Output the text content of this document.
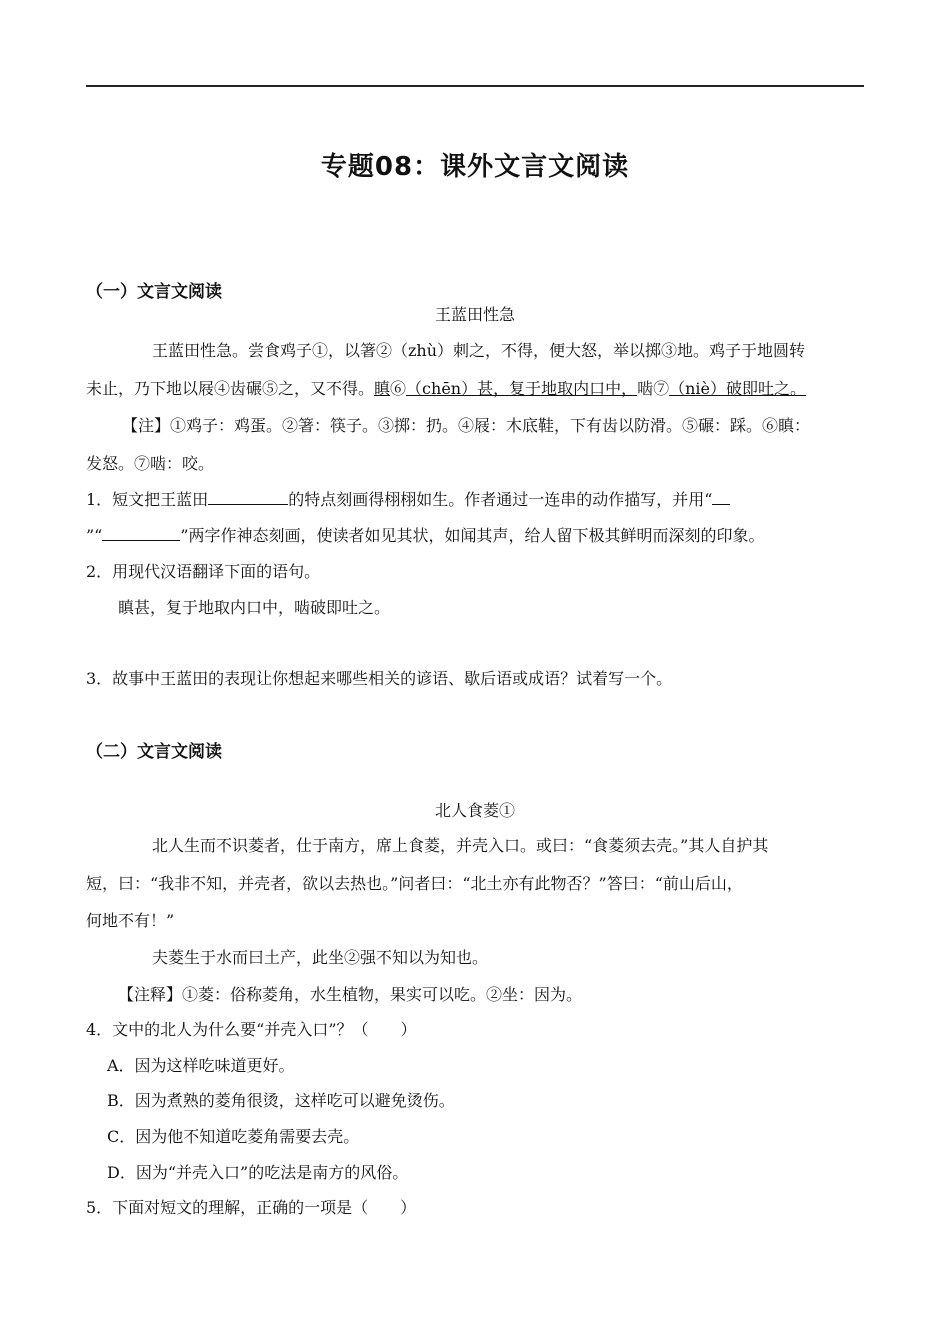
专题08：课外文言文阅读
（一）文言文阅读
王蓝田性急
王蓝田性急。尝食鸡子①，以箸②（zhù）刺之，不得，便大怒，举以掷③地。鸡子于地圆转
未止，乃下地以屐④齿碾⑤之，又不得。瞋⑥（chēn）甚，复于地取内口中，啮⑦（niè）破即吐之。
【注】①鸡子：鸡蛋。②箸：筷子。③掷：扔。④屐：木底鞋，下有齿以防滑。⑤碾：踩。⑥瞋：
发怒。⑦啮：咬。
1．短文把王蓝田	的特点刻画得栩栩如生。作者通过一连串的动作描写，并用“
”“	”两字作神态刻画，使读者如见其状，如闻其声，给人留下极其鲜明而深刻的印象。
2．用现代汉语翻译下面的语句。
瞋甚，复于地取内口中，啮破即吐之。
3．故事中王蓝田的表现让你想起来哪些相关的谚语、歇后语或成语？试着写一个。
（二）文言文阅读
北人食菱①
北人生而不识菱者，仕于南方，席上食菱，并壳入口。或曰：“食菱须去壳。”其人自护其
短，曰：“我非不知，并壳者，欲以去热也。”问者曰：“北土亦有此物否？”答曰：“前山后山，
何地不有！”
夫菱生于水而曰土产，此坐②强不知以为知也。
【注释】①菱：俗称菱角，水生植物，果实可以吃。②坐：因为。
4．文中的北人为什么要“并壳入口”？（　　）
A．因为这样吃味道更好。
B．因为煮熟的菱角很烫，这样吃可以避免烫伤。
C．因为他不知道吃菱角需要去壳。
D．因为“并壳入口”的吃法是南方的风俗。
5．下面对短文的理解，正确的一项是（　　）
